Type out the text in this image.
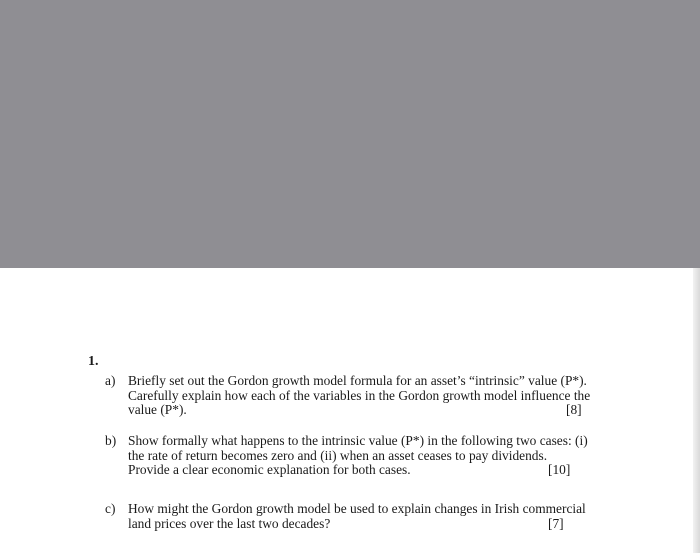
1.
a) Briefly set out the Gordon growth model formula for an asset’s “intrinsic” value (P*).
Carefully explain how each of the variables in the Gordon growth model influence the
value (P*).	[8]
b) Show formally what happens to the intrinsic value (P*) in the following two cases: (i)
the rate of return becomes zero and (ii) when an asset ceases to pay dividends.
Provide a clear economic explanation for both cases.	[10]
c) How might the Gordon growth model be used to explain changes in Irish commercial
land prices over the last two decades?	[7]
